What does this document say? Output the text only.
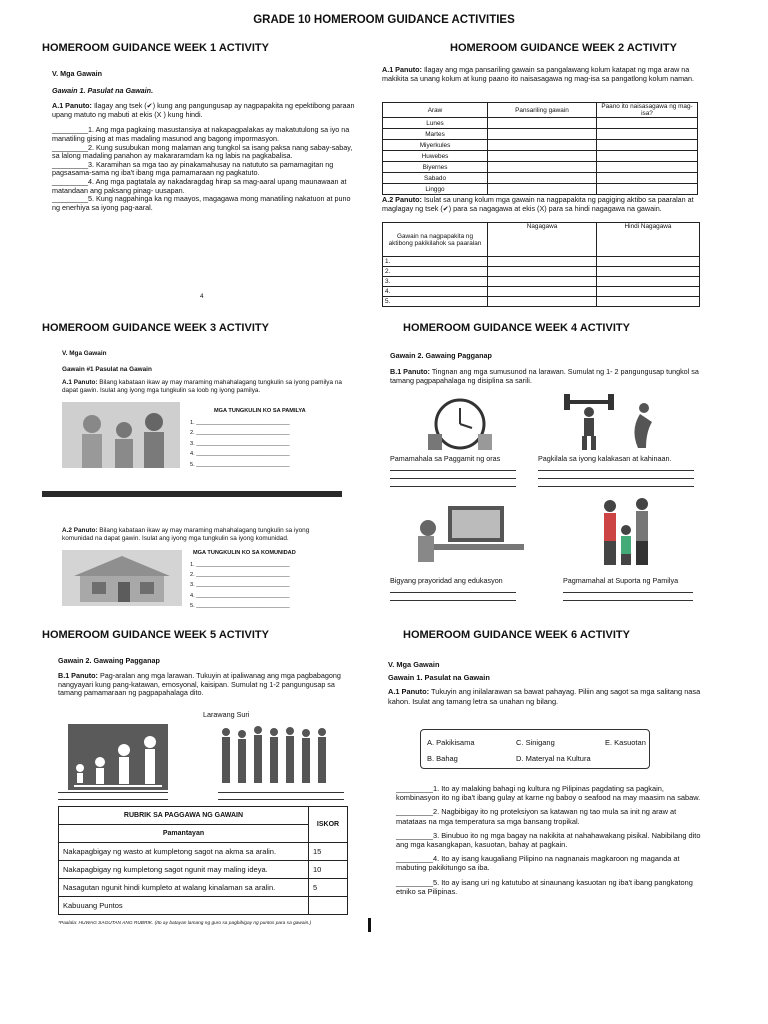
GRADE 10 HOMEROOM GUIDANCE ACTIVITIES
HOMEROOM GUIDANCE WEEK 1 ACTIVITY
V. Mga Gawain
Gawain 1. Pasulat na Gawain.
A.1 Panuto: Ilagay ang tsek (✔) kung ang pangungusap ay nagpapakita ng epektibong paraan upang matuto ng mabuti at ekis (X ) kung hindi.
_________1. Ang mga pagkaing masustansiya at nakapagpalakas ay makatutulong sa iyo na manatiling gising at mas madaling masunod ang bagong impormasyon.
_________2. Kung susubukan mong malaman ang tungkol sa isang paksa nang sabay-sabay, sa lalong madaling panahon ay makararamdam ka ng labis na pagkabalisa.
_________3. Karamihan sa mga tao ay pinakamahusay na natututo sa pamamagitan ng pagsasama-sama ng iba't ibang mga pamamaraan ng pagkatuto.
_________4. Ang mga pagtatala ay nakadaragdag hirap sa mag-aaral upang maunawaan at matandaan ang paksang pinag- uusapan.
_________5. Kung nagpahinga ka ng maayos, magagawa mong manatiling nakatuon at puno ng enerhiya sa iyong pag-aaral.
4
HOMEROOM GUIDANCE WEEK 2 ACTIVITY
A.1 Panuto: Ilagay ang mga pansariling gawain sa pangalawang kolum katapat ng mga araw na makikita sa unang kolum at kung paano ito naisasagawa ng mag-isa sa pangatlong kolum naman.
Araw	Pansariling gawain	Paano ito naisasagawa ng mag-isa?
Lunes		
Martes		
Miyerkules		
Huwebes		
Biyernes		
Sabado		
Linggo		
A.2 Panuto: Isulat sa unang kolum mga gawain na nagpapakita ng pagiging aktibo sa paaralan at maglagay ng tsek (✔) para sa nagagawa at ekis (X) para sa hindi nagagawa na gawain.
Gawain na nagpapakita ng aktibong pakikilahok sa paaralan	Nagagawa	Hindi Nagagawa
1.		
2.		
3.		
4.		
5.		
HOMEROOM GUIDANCE WEEK 3 ACTIVITY
V. Mga Gawain
Gawain #1 Pasulat na Gawain
A.1 Panuto: Bilang kabataan ikaw ay may maraming mahahalagang tungkulin sa iyong pamilya na dapat gawin. Isulat ang iyong mga tungkulin sa loob ng iyong pamilya.
MGA TUNGKULIN KO SA PAMILYA
1. ______________________________
2. ______________________________
3. ______________________________
4. ______________________________
5. ______________________________
A.2 Panuto: Bilang kabataan ikaw ay may maraming mahahalagang tungkulin sa iyong komunidad na dapat gawin. Isulat ang iyong mga tungkulin sa iyong komunidad.
MGA TUNGKULIN KO SA KOMUNIDAD
1. ______________________________
2. ______________________________
3. ______________________________
4. ______________________________
5. ______________________________
HOMEROOM GUIDANCE WEEK 4 ACTIVITY
Gawain 2. Gawaing Pagganap
B.1 Panuto: Tingnan ang mga sumusunod na larawan. Sumulat ng 1- 2 pangungusap tungkol sa tamang pagpapahalaga ng disiplina sa sarili.
Pamamahala sa Paggamit ng oras	Pagkilala sa iyong kalakasan at kahinaan.
Bigyang prayoridad ang edukasyon	Pagmamahal at Suporta ng Pamilya
HOMEROOM GUIDANCE WEEK 5 ACTIVITY
Gawain 2. Gawaing Pagganap
B.1 Panuto: Pag-aralan ang mga larawan. Tukuyin at ipaliwanag ang mga pagbabagong nangyayari kung pang-katawan, emosyonal, kaisipan. Sumulat ng 1-2 pangungusap sa tamang pamamaraan ng pagpapahalaga dito.
Larawang Suri
RUBRIK SA PAGGAWA NG GAWAIN	ISKOR
Pamantayan	
Nakapagbigay ng wasto at kumpletong sagot na akma sa aralin.	15
Nakapagbigay ng kumpletong sagot ngunit may maling ideya.	10
Nasagutan ngunit hindi kumpleto at walang kinalaman sa aralin.	5
Kabuuang Puntos	
*Paalala: HUWAG SAGUTAN ANG RUBRIK. (Ito ay batayan lamang ng guro sa pagbibigay ng puntos para sa gawain.)
HOMEROOM GUIDANCE WEEK 6 ACTIVITY
V. Mga Gawain
Gawain 1. Pasulat na Gawain
A.1 Panuto: Tukuyin ang inilalarawan sa bawat pahayag. Piliin ang sagot sa mga salitang nasa kahon. Isulat ang tamang letra sa unahan ng bilang.
A. Pakikisama	C. Sinigang	E. Kasuotan
B. Bahag	D. Materyal na Kultura
_________1. Ito ay malaking bahagi ng kultura ng Pilipinas pagdating sa pagkain, kombinasyon ito ng iba't ibang gulay at karne ng baboy o seafood na may maasim na sabaw.
_________2. Nagbibigay ito ng proteksiyon sa katawan ng tao mula sa init ng araw at matataas na mga temperatura sa mga bansang tropikal.
_________3. Binubuo ito ng mga bagay na nakikita at nahahawakang pisikal. Nabibilang dito ang mga kasangkapan, kasuotan, bahay at pagkain.
_________4. Ito ay isang kaugaliang Pilipino na nagnanais magkaroon ng maganda at mabuting pakikitungo sa iba.
_________5. Ito ay isang uri ng katutubo at sinaunang kasuotan ng iba't ibang pangkatong etniko sa Pilipinas.
